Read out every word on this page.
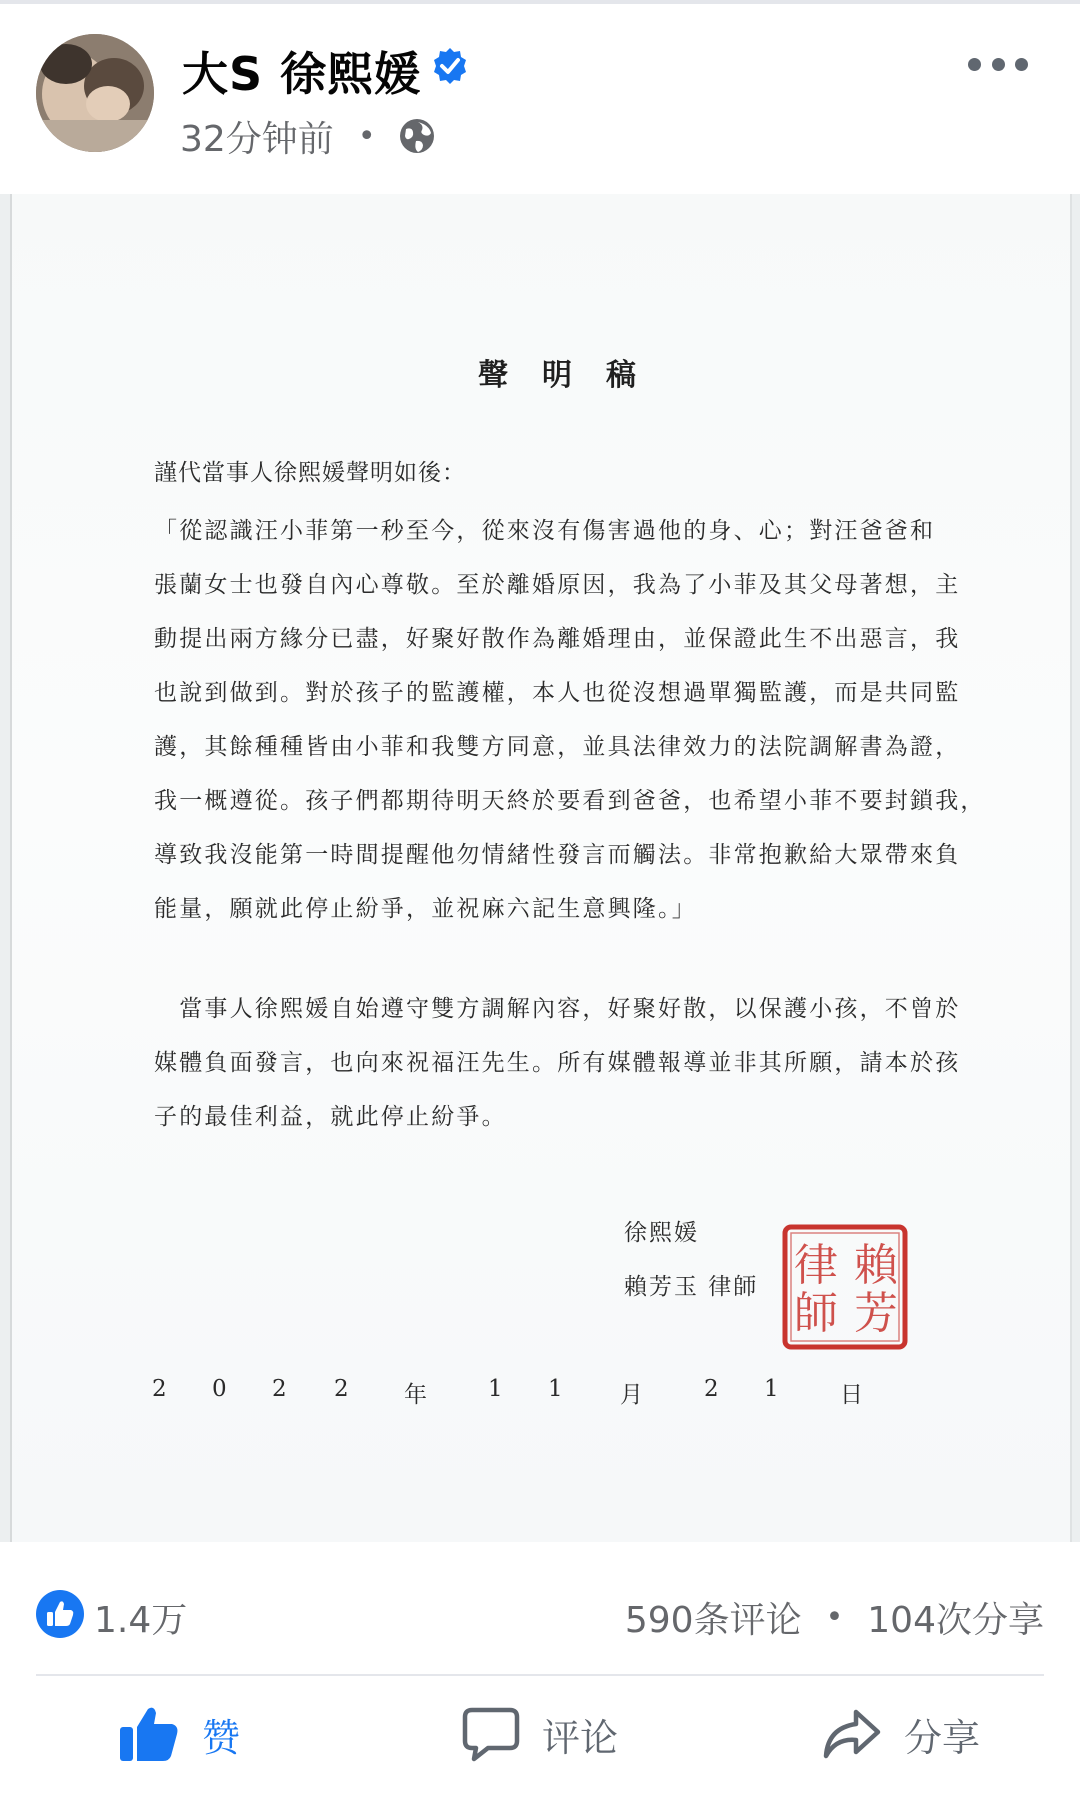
大S 徐熙媛
32分钟前 •
聲明稿
謹代當事人徐熙媛聲明如後：
「從認識汪小菲第一秒至今，從來沒有傷害過他的身、心；對汪爸爸和
張蘭女士也發自內心尊敬。至於離婚原因，我為了小菲及其父母著想，主
動提出兩方緣分已盡，好聚好散作為離婚理由，並保證此生不出惡言，我
也說到做到。對於孩子的監護權，本人也從沒想過單獨監護，而是共同監
護，其餘種種皆由小菲和我雙方同意，並具法律效力的法院調解書為證，
我一概遵從。孩子們都期待明天終於要看到爸爸，也希望小菲不要封鎖我，
導致我沒能第一時間提醒他勿情緒性發言而觸法。非常抱歉給大眾帶來負
能量，願就此停止紛爭，並祝麻六記生意興隆。」
　當事人徐熙媛自始遵守雙方調解內容，好聚好散，以保護小孩，不曾於
媒體負面發言，也向來祝福汪先生。所有媒體報導並非其所願，請本於孩
子的最佳利益，就此停止紛爭。
徐熙媛
賴芳玉 律師 賴
芳
律
師
2 0 2 2 年	1 1 月	2 1	日
1.4万	590条评论 • 104次分享
赞	评论	分享
